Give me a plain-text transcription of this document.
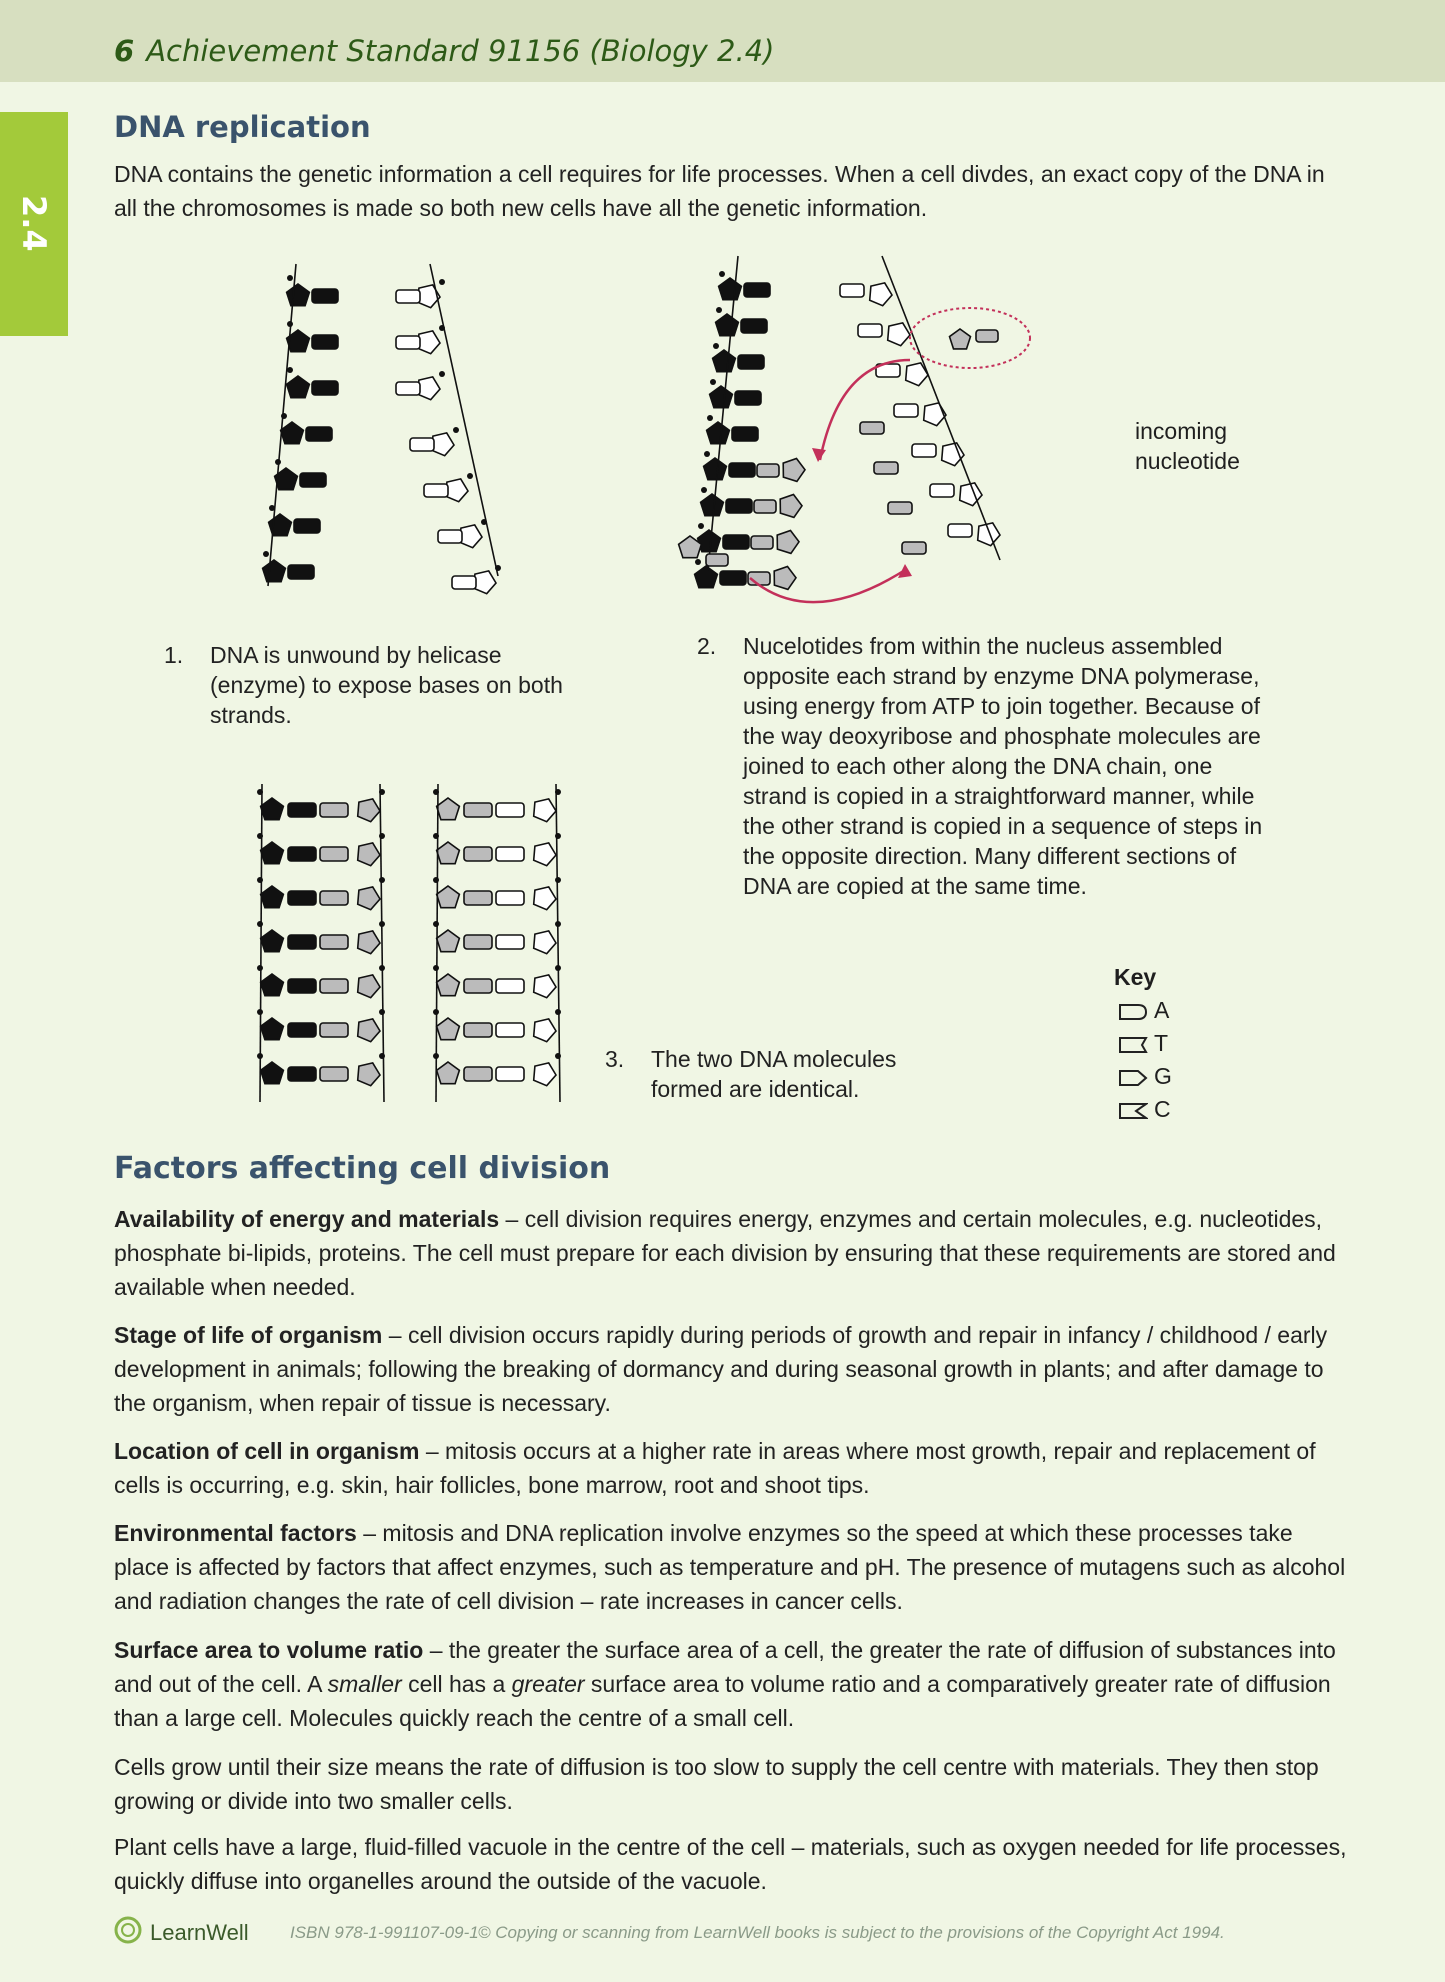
6 Achievement Standard 91156 (Biology 2.4)
2.4
DNA replication

DNA contains the genetic information a cell requires for life processes. When a cell divdes, an exact copy of the DNA in all the chromosomes is made so both new cells have all the genetic information.

incoming nucleotide
1. DNA is unwound by helicase (enzyme) to expose bases on both strands.
2. Nucelotides from within the nucleus assembled opposite each strand by enzyme DNA polymerase, using energy from ATP to join together. Because of the way deoxyribose and phosphate molecules are joined to each other along the DNA chain, one strand is copied in a straightforward manner, while the other strand is copied in a sequence of steps in the opposite direction. Many different sections of DNA are copied at the same time.
3. The two DNA molecules formed are identical.
Key
A
T
G
C
Factors affecting cell division

Availability of energy and materials – cell division requires energy, enzymes and certain molecules, e.g. nucleotides, phosphate bi-lipids, proteins. The cell must prepare for each division by ensuring that these requirements are stored and available when needed.

Stage of life of organism – cell division occurs rapidly during periods of growth and repair in infancy / childhood / early development in animals; following the breaking of dormancy and during seasonal growth in plants; and after damage to the organism, when repair of tissue is necessary.

Location of cell in organism – mitosis occurs at a higher rate in areas where most growth, repair and replacement of cells is occurring, e.g. skin, hair follicles, bone marrow, root and shoot tips.

Environmental factors – mitosis and DNA replication involve enzymes so the speed at which these processes take place is affected by factors that affect enzymes, such as temperature and pH. The presence of mutagens such as alcohol and radiation changes the rate of cell division – rate increases in cancer cells.

Surface area to volume ratio – the greater the surface area of a cell, the greater the rate of diffusion of substances into and out of the cell. A smaller cell has a greater surface area to volume ratio and a comparatively greater rate of diffusion than a large cell. Molecules quickly reach the centre of a small cell.

Cells grow until their size means the rate of diffusion is too slow to supply the cell centre with materials. They then stop growing or divide into two smaller cells.

Plant cells have a large, fluid-filled vacuole in the centre of the cell – materials, such as oxygen needed for life processes, quickly diffuse into organelles around the outside of the vacuole.

LearnWell ISBN 978-1-991107-09-1 © Copying or scanning from LearnWell books is subject to the provisions of the Copyright Act 1994.
